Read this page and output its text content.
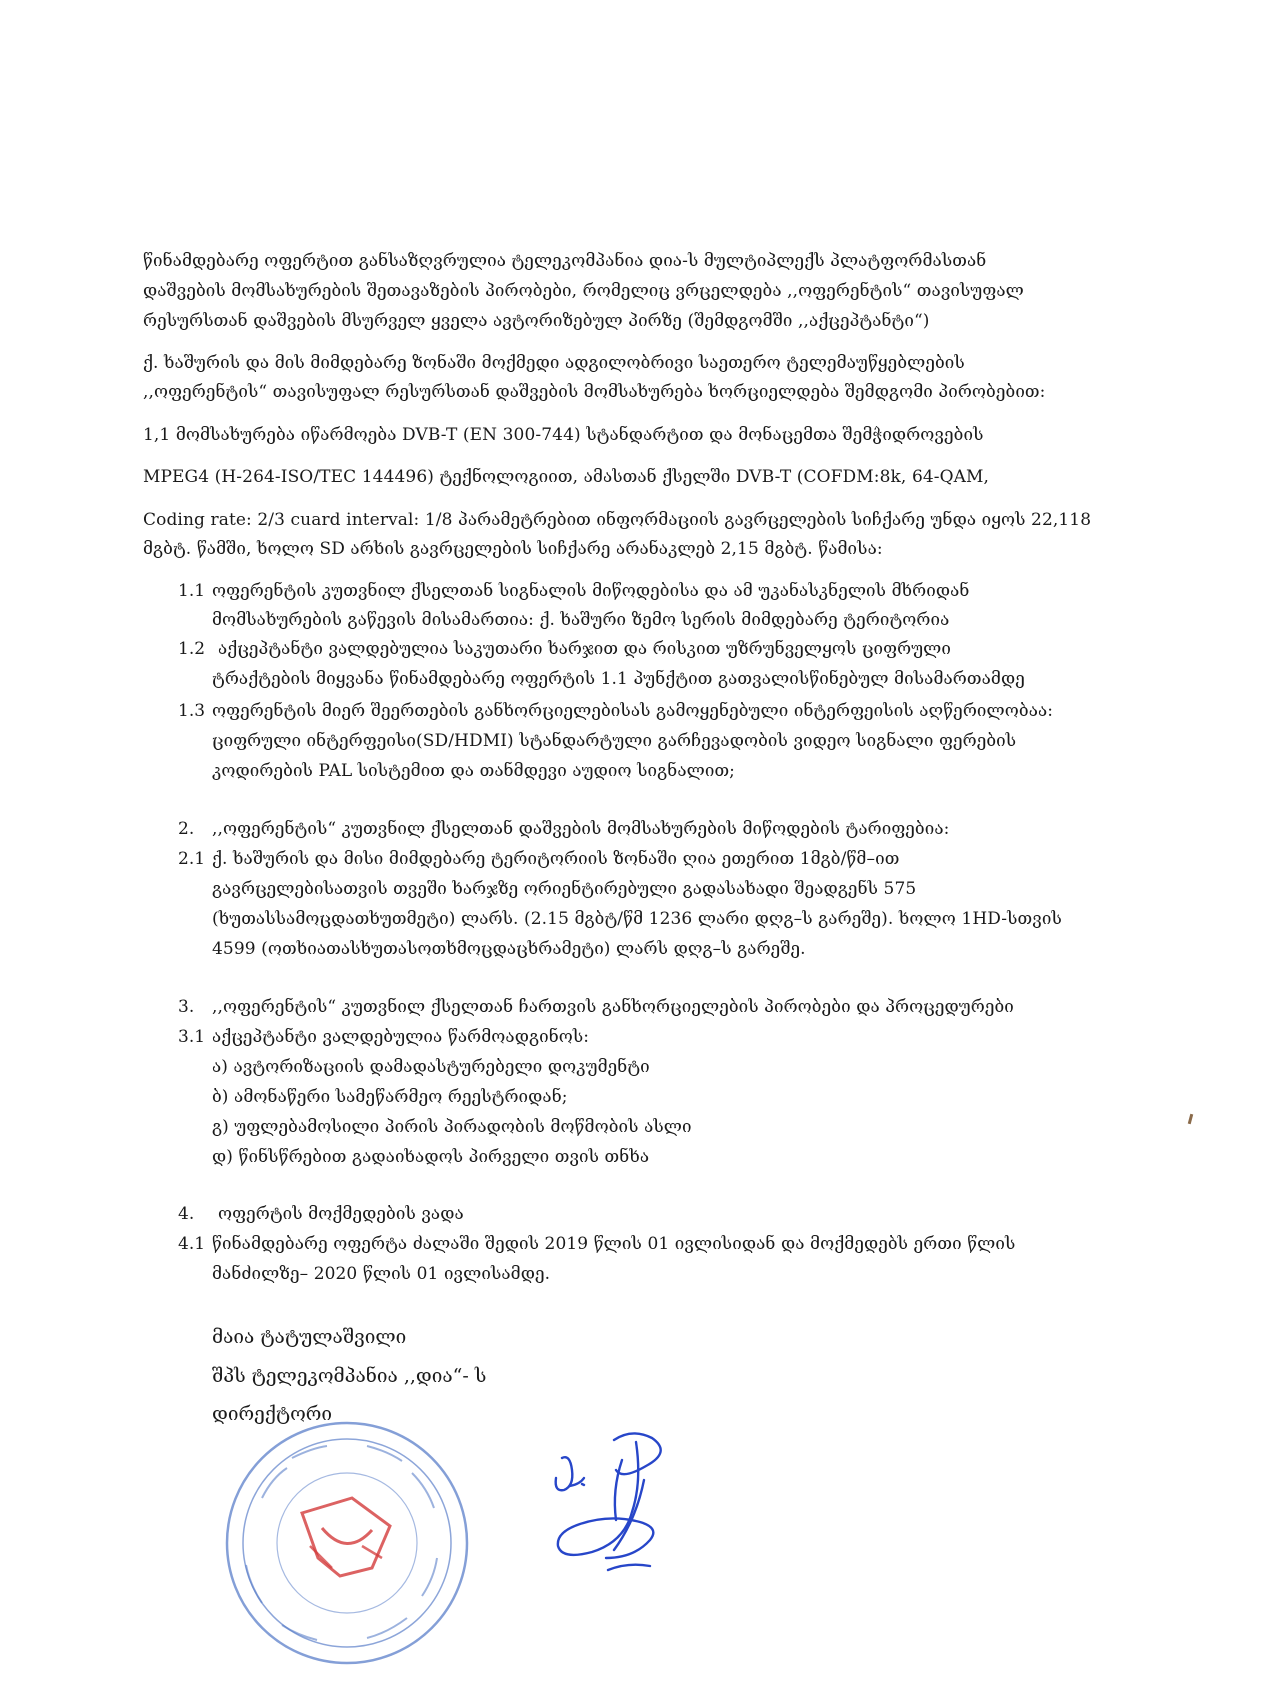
წინამდებარე ოფერტით განსაზღვრულია ტელეკომპანია დია-ს მულტიპლექს პლატფორმასთან
დაშვების მომსახურების შეთავაზების პირობები, რომელიც ვრცელდება ,,ოფერენტის“ თავისუფალ
რესურსთან დაშვების მსურველ ყველა ავტორიზებულ პირზე (შემდგომში ,,აქცეპტანტი“)
ქ. ხაშურის და მის მიმდებარე ზონაში მოქმედი ადგილობრივი საეთერო ტელემაუწყებლების
,,ოფერენტის“ თავისუფალ რესურსთან დაშვების მომსახურება ხორციელდება შემდგომი პირობებით:
1,1 მომსახურება იწარმოება DVB-T (EN 300-744) სტანდარტით და მონაცემთა შემჭიდროვების
MPEG4 (H-264-ISO/TEC 144496) ტექნოლოგიით, ამასთან ქსელში DVB-T (COFDM:8k, 64-QAM,
Coding rate: 2/3 cuard interval: 1/8 პარამეტრებით ინფორმაციის გავრცელების სიჩქარე უნდა იყოს 22,118
მგბტ. წამში, ხოლო SD არხის გავრცელების სიჩქარე არანაკლებ 2,15 მგბტ. წამისა:
1.1 ოფერენტის კუთვნილ ქსელთან სიგნალის მიწოდებისა და ამ უკანასკნელის მხრიდან
მომსახურების გაწევის მისამართია: ქ. ხაშური ზემო სერის მიმდებარე ტერიტორია
1.2 აქცეპტანტი ვალდებულია საკუთარი ხარჯით და რისკით უზრუნველყოს ციფრული
ტრაქტების მიყვანა წინამდებარე ოფერტის 1.1 პუნქტით გათვალისწინებულ მისამართამდე
1.3 ოფერენტის მიერ შეერთების განხორციელებისას გამოყენებული ინტერფეისის აღწერილობაა:
ციფრული ინტერფეისი(SD/HDMI) სტანდარტული გარჩევადობის ვიდეო სიგნალი ფერების
კოდირების PAL სისტემით და თანმდევი აუდიო სიგნალით;
2. ,,ოფერენტის“ კუთვნილ ქსელთან დაშვების მომსახურების მიწოდების ტარიფებია:
2.1 ქ. ხაშურის და მისი მიმდებარე ტერიტორიის ზონაში ღია ეთერით 1მგბ/წმ–ით
გავრცელებისათვის თვეში ხარჯზე ორიენტირებული გადასახადი შეადგენს 575
(ხუთასსამოცდათხუთმეტი) ლარს. (2.15 მგბტ/წმ 1236 ლარი დღგ–ს გარეშე). ხოლო 1HD-სთვის
4599 (ოთხიათასხუთასოთხმოცდაცხრამეტი) ლარს დღგ–ს გარეშე.
3. ,,ოფერენტის“ კუთვნილ ქსელთან ჩართვის განხორციელების პირობები და პროცედურები
3.1 აქცეპტანტი ვალდებულია წარმოადგინოს:
ა) ავტორიზაციის დამადასტურებელი დოკუმენტი
ბ) ამონაწერი სამეწარმეო რეესტრიდან;
გ) უფლებამოსილი პირის პირადობის მოწმობის ასლი
დ) წინსწრებით გადაიხადოს პირველი თვის თნხა
4. ოფერტის მოქმედების ვადა
4.1 წინამდებარე ოფერტა ძალაში შედის 2019 წლის 01 ივლისიდან და მოქმედებს ერთი წლის
მანძილზე– 2020 წლის 01 ივლისამდე.
მაია ტატულაშვილი
შპს ტელეკომპანია ,,დია“- ს
დირექტორი
